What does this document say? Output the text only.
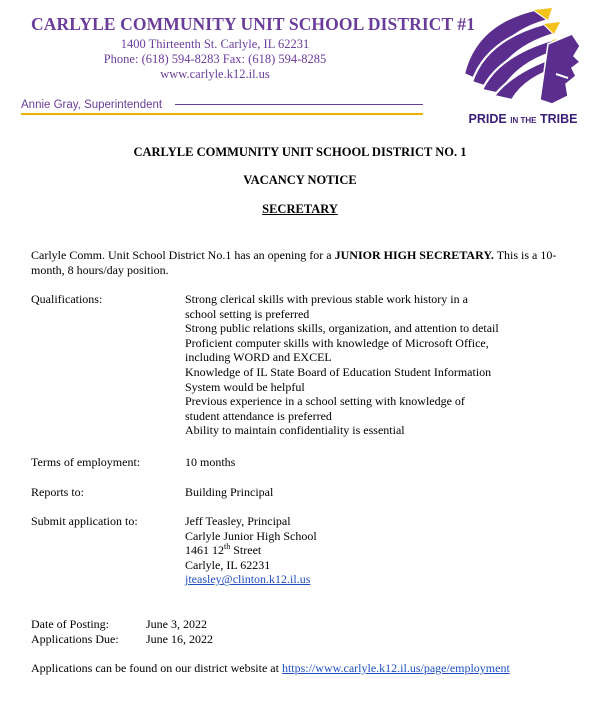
CARLYLE COMMUNITY UNIT SCHOOL DISTRICT #1
1400 Thirteenth St. Carlyle, IL 62231
Phone: (618) 594-8283 Fax: (618) 594-8285
www.carlyle.k12.il.us
Annie Gray, Superintendent
PRIDE IN THE TRIBE
CARLYLE COMMUNITY UNIT SCHOOL DISTRICT NO. 1
VACANCY NOTICE
SECRETARY
Carlyle Comm. Unit School District No.1 has an opening for a JUNIOR HIGH SECRETARY. This is a 10-month, 8 hours/day position.
Qualifications:	Strong clerical skills with previous stable work history in a
school setting is preferred
Strong public relations skills, organization, and attention to detail
Proficient computer skills with knowledge of Microsoft Office,
including WORD and EXCEL
Knowledge of IL State Board of Education Student Information
System would be helpful
Previous experience in a school setting with knowledge of
student attendance is preferred
Ability to maintain confidentiality is essential
Terms of employment:	10 months
Reports to:	Building Principal
Submit application to:	Jeff Teasley, Principal
Carlyle Junior High School
1461 12th Street
Carlyle, IL 62231
jteasley@clinton.k12.il.us
Date of Posting:	June 3, 2022
Applications Due: June 16, 2022
Applications can be found on our district website at https://www.carlyle.k12.il.us/page/employment
